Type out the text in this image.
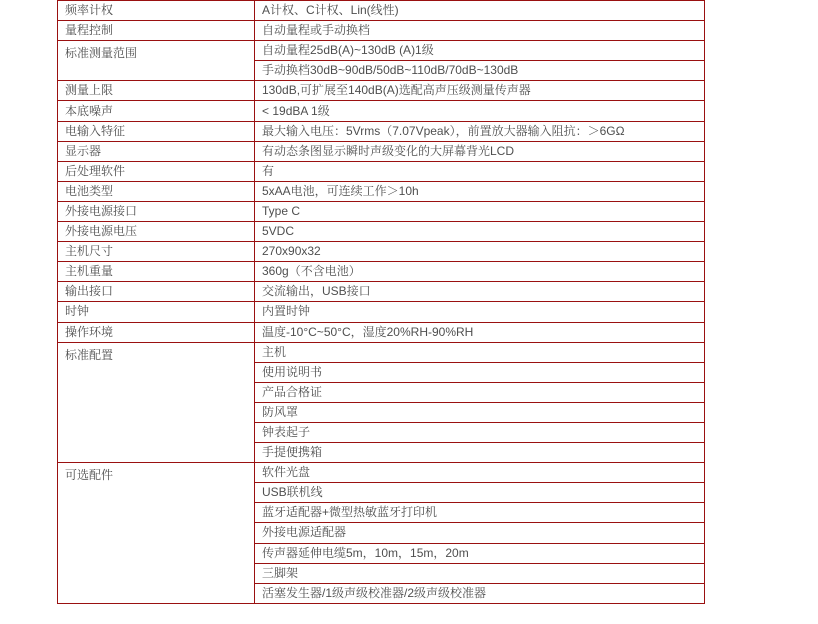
频率计权	A计权、C计权、Lin(线性)
量程控制	自动量程或手动换档
标准测量范围	自动量程25dB(A)~130dB (A)1级
	手动换档30dB~90dB/50dB~110dB/70dB~130dB
测量上限	130dB,可扩展至140dB(A)选配高声压级测量传声器
本底噪声	< 19dBA 1级
电输入特征	最大输入电压：5Vrms（7.07Vpeak），前置放大器输入阻抗：＞6GΩ
显示器	有动态条图显示瞬时声级变化的大屏幕背光LCD
后处理软件	有
电池类型	5xAA电池，可连续工作＞10h
外接电源接口	Type C
外接电源电压	5VDC
主机尺寸	270x90x32
主机重量	360g（不含电池）
输出接口	交流输出，USB接口
时钟	内置时钟
操作环境	温度-10°C~50°C，湿度20%RH-90%RH
标准配置	主机
	使用说明书
	产品合格证
	防风罩
	钟表起子
	手提便携箱
可选配件	软件光盘
	USB联机线
	蓝牙适配器+微型热敏蓝牙打印机
	外接电源适配器
	传声器延伸电缆5m，10m，15m，20m
	三脚架
	活塞发生器/1级声级校准器/2级声级校准器
